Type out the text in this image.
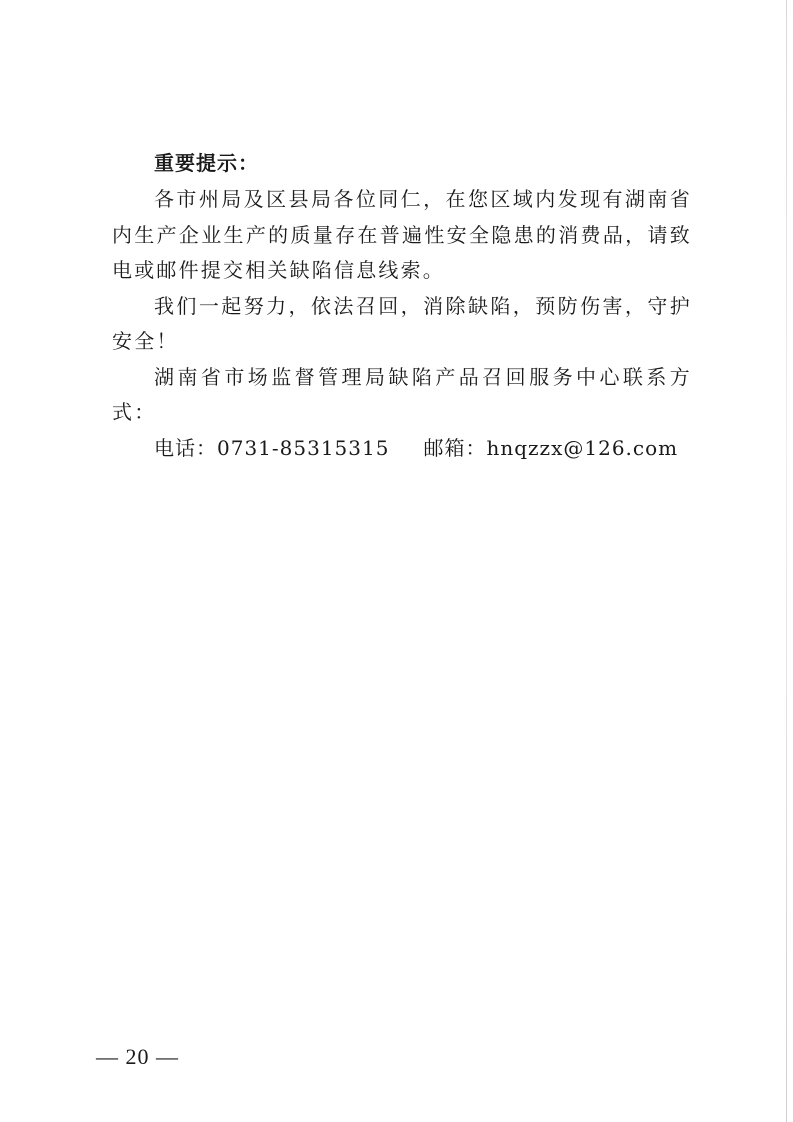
重要提示：

各市州局及区县局各位同仁，在您区域内发现有湖南省内生产企业生产的质量存在普遍性安全隐患的消费品，请致电或邮件提交相关缺陷信息线索。

我们一起努力，依法召回，消除缺陷，预防伤害，守护安全！

湖南省市场监督管理局缺陷产品召回服务中心联系方式：

电话：0731-85315315 邮箱：hnqzzx@126.com
— 20 —
